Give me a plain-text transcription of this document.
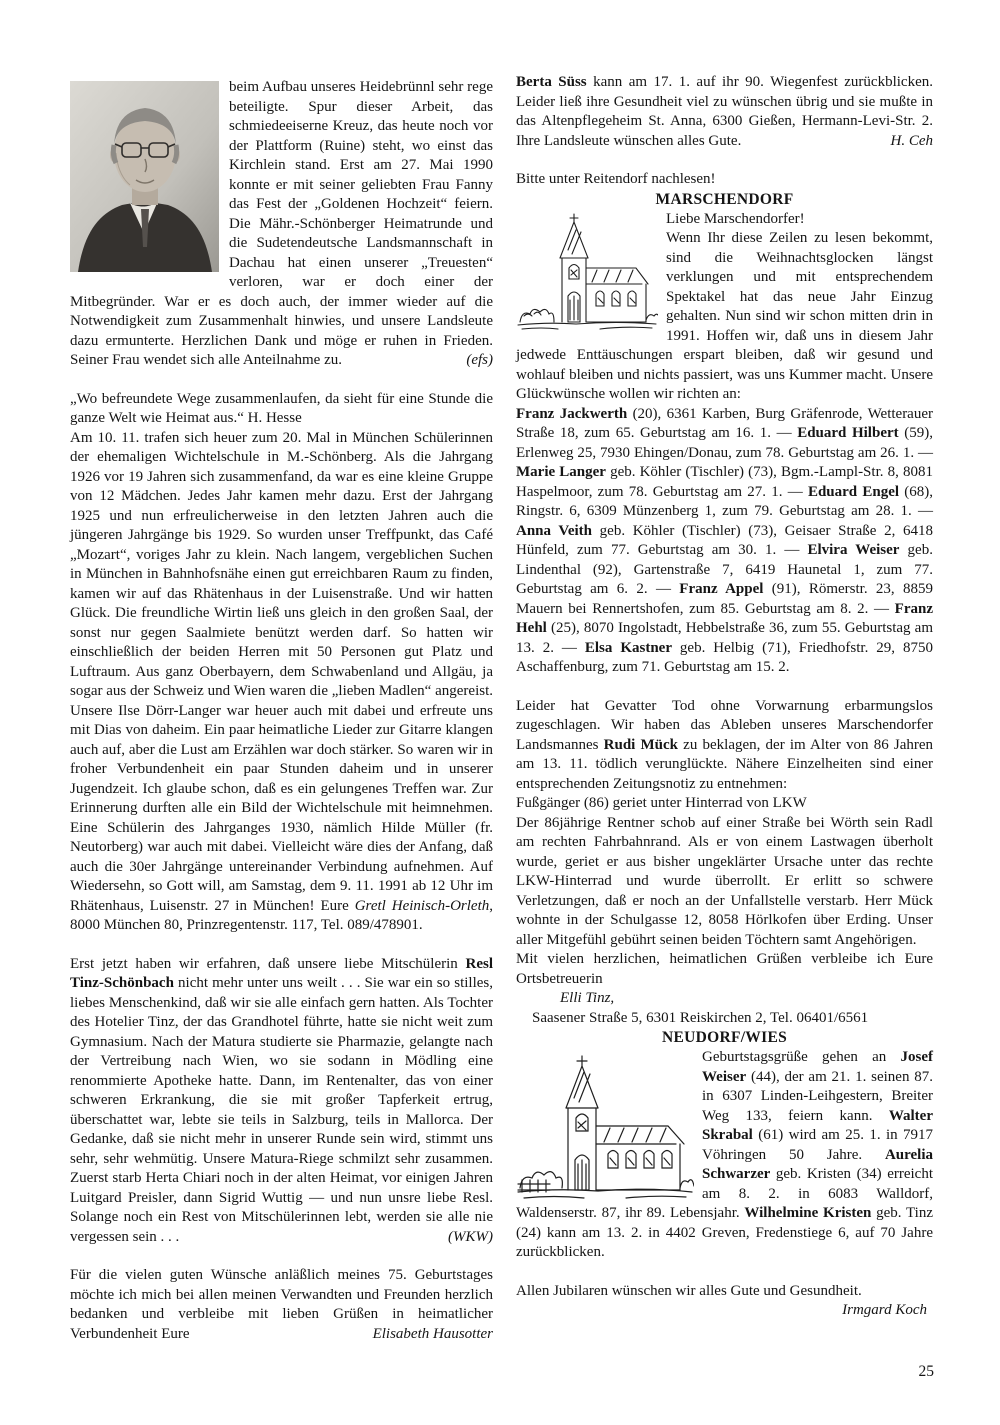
beim Aufbau unseres Heidebrünnl sehr rege beteiligte. Spur dieser Arbeit, das schmiedeeiserne Kreuz, das heute noch vor der Plattform (Ruine) steht, wo einst das Kirchlein stand. Erst am 27. Mai 1990 konnte er mit seiner geliebten Frau Fanny das Fest der „Goldenen Hochzeit“ feiern. Die Mähr.-Schönberger Heimatrunde und die Sudetendeutsche Landsmannschaft in Dachau hat einen unserer „Treuesten“ verloren, war er doch einer der Mitbegründer. War er es doch auch, der immer wieder auf die Notwendigkeit zum Zusammenhalt hinwies, und unsere Landsleute dazu ermunterte. Herzlichen Dank und möge er ruhen in Frieden. Seiner Frau wendet sich alle Anteilnahme zu.	(efs)

„Wo befreundete Wege zusammenlaufen, da sieht für eine Stunde die ganze Welt wie Heimat aus.“ H. Hesse

Am 10. 11. trafen sich heuer zum 20. Mal in München Schülerinnen der ehemaligen Wichtelschule in M.-Schönberg. Als die Jahrgang 1926 vor 19 Jahren sich zusammenfand, da war es eine kleine Gruppe von 12 Mädchen. Jedes Jahr kamen mehr dazu. Erst der Jahrgang 1925 und nun erfreulicherweise in den letzten Jahren auch die jüngeren Jahrgänge bis 1929. So wurden unser Treffpunkt, das Café „Mozart“, voriges Jahr zu klein. Nach langem, vergeblichen Suchen in München in Bahnhofsnähe einen gut erreichbaren Raum zu finden, kamen wir auf das Rhätenhaus in der Luisenstraße. Und wir hatten Glück. Die freundliche Wirtin ließ uns gleich in den großen Saal, der sonst nur gegen Saalmiete benützt werden darf. So hatten wir einschließlich der beiden Herren mit 50 Personen gut Platz und Luftraum. Aus ganz Oberbayern, dem Schwabenland und Allgäu, ja sogar aus der Schweiz und Wien waren die „lieben Madlen“ angereist. Unsere Ilse Dörr-Langer war heuer auch mit dabei und erfreute uns mit Dias von daheim. Ein paar heimatliche Lieder zur Gitarre klangen auch auf, aber die Lust am Erzählen war doch stärker. So waren wir in froher Verbundenheit ein paar Stunden daheim und in unserer Jugendzeit. Ich glaube schon, daß es ein gelungenes Treffen war. Zur Erinnerung durften alle ein Bild der Wichtelschule mit heimnehmen. Eine Schülerin des Jahrganges 1930, nämlich Hilde Müller (fr. Neutorberg) war auch mit dabei. Vielleicht wäre dies der Anfang, daß auch die 30er Jahrgänge untereinander Verbindung aufnehmen. Auf Wiedersehn, so Gott will, am Samstag, dem 9. 11. 1991 ab 12 Uhr im Rhätenhaus, Luisenstr. 27 in München! Eure Gretl Heinisch-Orleth, 8000 München 80, Prinzregentenstr. 117, Tel. 089/478901.

Erst jetzt haben wir erfahren, daß unsere liebe Mitschülerin Resl Tinz-Schönbach nicht mehr unter uns weilt . . . Sie war ein so stilles, liebes Menschenkind, daß wir sie alle einfach gern hatten. Als Tochter des Hotelier Tinz, der das Grandhotel führte, hatte sie nicht weit zum Gymnasium. Nach der Matura studierte sie Pharmazie, gelangte nach der Vertreibung nach Wien, wo sie sodann in Mödling eine renommierte Apotheke hatte. Dann, im Rentenalter, das von einer schweren Erkrankung, die sie mit großer Tapferkeit ertrug, überschattet war, lebte sie teils in Salzburg, teils in Mallorca. Der Gedanke, daß sie nicht mehr in unserer Runde sein wird, stimmt uns sehr, sehr wehmütig. Unsere Matura-Riege schmilzt sehr zusammen. Zuerst starb Herta Chiari noch in der alten Heimat, vor einigen Jahren Luitgard Preisler, dann Sigrid Wuttig — und nun unsre liebe Resl. Solange noch ein Rest von Mitschülerinnen lebt, werden sie alle nie vergessen sein . . .	(WKW)

Für die vielen guten Wünsche anläßlich meines 75. Geburtstages möchte ich mich bei allen meinen Verwandten und Freunden herzlich bedanken und verbleibe mit lieben Grüßen in heimatlicher Verbundenheit Eure	Elisabeth Hausotter

Berta Süss kann am 17. 1. auf ihr 90. Wiegenfest zurückblicken. Leider ließ ihre Gesundheit viel zu wünschen übrig und sie mußte in das Altenpflegeheim St. Anna, 6300 Gießen, Hermann-Levi-Str. 2. Ihre Landsleute wünschen alles Gute.	H. Ceh

Bitte unter Reitendorf nachlesen!

MARSCHENDORF

Liebe Marschendorfer!

Wenn Ihr diese Zeilen zu lesen bekommt, sind die Weihnachtsglocken längst verklungen und mit entsprechendem Spektakel hat das neue Jahr Einzug gehalten. Nun sind wir schon mitten drin in 1991. Hoffen wir, daß uns in diesem Jahr jedwede Enttäuschungen erspart bleiben, daß wir gesund und wohlauf bleiben und nichts passiert, was uns Kummer macht. Unsere Glückwünsche wollen wir richten an:

Franz Jackwerth (20), 6361 Karben, Burg Gräfenrode, Wetterauer Straße 18, zum 65. Geburtstag am 16. 1. — Eduard Hilbert (59), Erlenweg 25, 7930 Ehingen/Donau, zum 78. Geburtstag am 26. 1. — Marie Langer geb. Köhler (Tischler) (73), Bgm.-Lampl-Str. 8, 8081 Haspelmoor, zum 78. Geburtstag am 27. 1. — Eduard Engel (68), Ringstr. 6, 6309 Münzenberg 1, zum 79. Geburtstag am 28. 1. — Anna Veith geb. Köhler (Tischler) (73), Geisaer Straße 2, 6418 Hünfeld, zum 77. Geburtstag am 30. 1. — Elvira Weiser geb. Lindenthal (92), Gartenstraße 7, 6419 Haunetal 1, zum 77. Geburtstag am 6. 2. — Franz Appel (91), Römerstr. 23, 8859 Mauern bei Rennertshofen, zum 85. Geburtstag am 8. 2. — Franz Hehl (25), 8070 Ingolstadt, Hebbelstraße 36, zum 55. Geburtstag am 13. 2. — Elsa Kastner geb. Helbig (71), Friedhofstr. 29, 8750 Aschaffenburg, zum 71. Geburtstag am 15. 2.

Leider hat Gevatter Tod ohne Vorwarnung erbarmungslos zugeschlagen. Wir haben das Ableben unseres Marschendorfer Landsmannes Rudi Mück zu beklagen, der im Alter von 86 Jahren am 13. 11. tödlich verunglückte. Nähere Einzelheiten sind einer entsprechenden Zeitungsnotiz zu entnehmen:

Fußgänger (86) geriet unter Hinterrad von LKW

Der 86jährige Rentner schob auf einer Straße bei Wörth sein Radl am rechten Fahrbahnrand. Als er von einem Lastwagen überholt wurde, geriet er aus bisher ungeklärter Ursache unter das rechte LKW-Hinterrad und wurde überrollt. Er erlitt so schwere Verletzungen, daß er noch an der Unfallstelle verstarb. Herr Mück wohnte in der Schulgasse 12, 8058 Hörlkofen über Erding. Unser aller Mitgefühl gebührt seinen beiden Töchtern samt Angehörigen.

Mit vielen herzlichen, heimatlichen Grüßen verbleibe ich Eure Ortsbetreuerin

Elli Tinz,

Saasener Straße 5, 6301 Reiskirchen 2, Tel. 06401/6561

NEUDORF/WIES

Geburtstagsgrüße gehen an Josef Weiser (44), der am 21. 1. seinen 87. in 6307 Linden-Leihgestern, Breiter Weg 133, feiern kann. Walter Skrabal (61) wird am 25. 1. in 7917 Vöhringen 50 Jahre. Aurelia Schwarzer geb. Kristen (34) erreicht am 8. 2. in 6083 Walldorf, Waldenserstr. 87, ihr 89. Lebensjahr. Wilhelmine Kristen geb. Tinz (24) kann am 13. 2. in 4402 Greven, Fredenstiege 6, auf 70 Jahre zurückblicken.

Allen Jubilaren wünschen wir alles Gute und Gesundheit.

Irmgard Koch

25
